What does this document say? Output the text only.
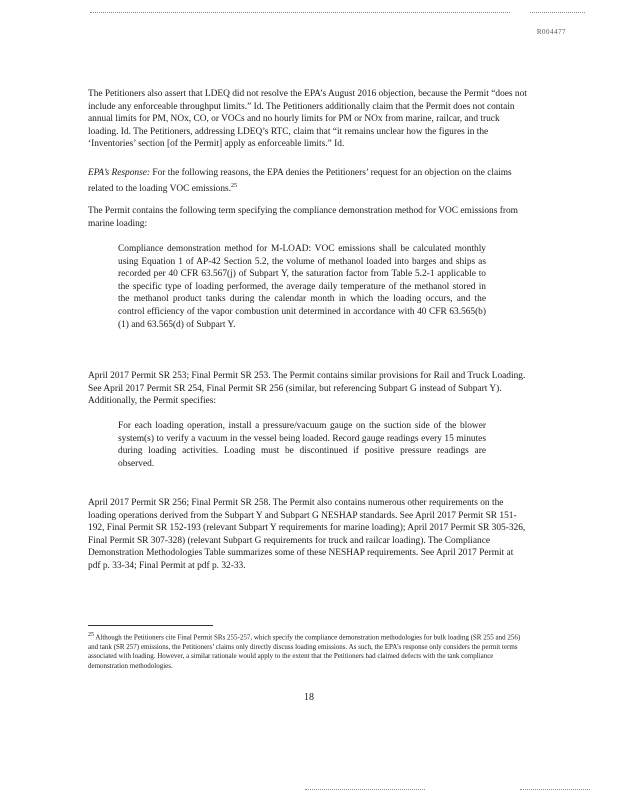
R004477

The Petitioners also assert that LDEQ did not resolve the EPA’s August 2016 objection, because the Permit “does not include any enforceable throughput limits.” Id. The Petitioners additionally claim that the Permit does not contain annual limits for PM, NOx, CO, or VOCs and no hourly limits for PM or NOx from marine, railcar, and truck loading. Id. The Petitioners, addressing LDEQ’s RTC, claim that “it remains unclear how the figures in the ‘Inventories’ section [of the Permit] apply as enforceable limits.” Id.

EPA’s Response: For the following reasons, the EPA denies the Petitioners’ request for an objection on the claims related to the loading VOC emissions.$^{25}$

The Permit contains the following term specifying the compliance demonstration method for VOC emissions from marine loading:

Compliance demonstration method for M-LOAD: VOC emissions shall be calculated monthly using Equation 1 of AP-42 Section 5.2, the volume of methanol loaded into barges and ships as recorded per 40 CFR 63.567(j) of Subpart Y, the saturation factor from Table 5.2-1 applicable to the specific type of loading performed, the average daily temperature of the methanol stored in the methanol product tanks during the calendar month in which the loading occurs, and the control efficiency of the vapor combustion unit determined in accordance with 40 CFR 63.565(b)(1) and 63.565(d) of Subpart Y.

April 2017 Permit SR 253; Final Permit SR 253. The Permit contains similar provisions for Rail and Truck Loading. See April 2017 Permit SR 254, Final Permit SR 256 (similar, but referencing Subpart G instead of Subpart Y). Additionally, the Permit specifies:

For each loading operation, install a pressure/vacuum gauge on the suction side of the blower system(s) to verify a vacuum in the vessel being loaded. Record gauge readings every 15 minutes during loading activities. Loading must be discontinued if positive pressure readings are observed.

April 2017 Permit SR 256; Final Permit SR 258. The Permit also contains numerous other requirements on the loading operations derived from the Subpart Y and Subpart G NESHAP standards. See April 2017 Permit SR 151-192, Final Permit SR 152-193 (relevant Subpart Y requirements for marine loading); April 2017 Permit SR 305-326, Final Permit SR 307-328) (relevant Subpart G requirements for truck and railcar loading). The Compliance Demonstration Methodologies Table summarizes some of these NESHAP requirements. See April 2017 Permit at pdf p. 33-34; Final Permit at pdf p. 32-33.

$^{25}$ Although the Petitioners cite Final Permit SRs 255-257, which specify the compliance demonstration methodologies for bulk loading (SR 255 and 256) and tank (SR 257) emissions, the Petitioners’ claims only directly discuss loading emissions. As such, the EPA’s response only considers the permit terms associated with loading. However, a similar rationale would apply to the extent that the Petitioners had claimed defects with the tank compliance demonstration methodologies.

18
